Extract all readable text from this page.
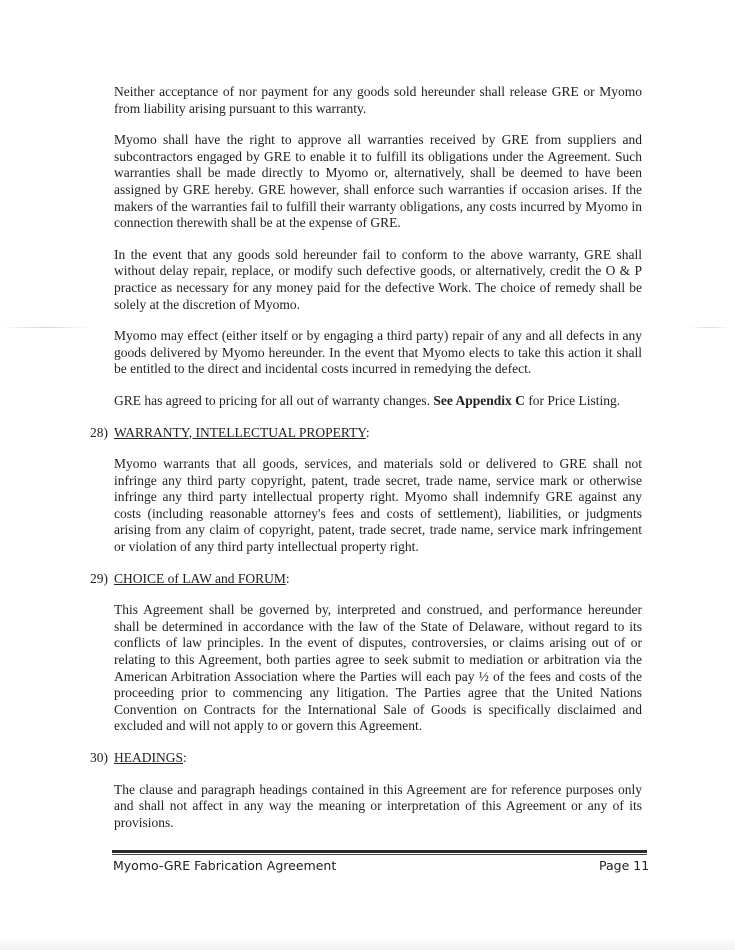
Neither acceptance of nor payment for any goods sold hereunder shall release GRE or Myomo from liability arising pursuant to this warranty.

Myomo shall have the right to approve all warranties received by GRE from suppliers and subcontractors engaged by GRE to enable it to fulfill its obligations under the Agreement. Such warranties shall be made directly to Myomo or, alternatively, shall be deemed to have been assigned by GRE hereby. GRE however, shall enforce such warranties if occasion arises. If the makers of the warranties fail to fulfill their warranty obligations, any costs incurred by Myomo in connection therewith shall be at the expense of GRE.

In the event that any goods sold hereunder fail to conform to the above warranty, GRE shall without delay repair, replace, or modify such defective goods, or alternatively, credit the O & P practice as necessary for any money paid for the defective Work. The choice of remedy shall be solely at the discretion of Myomo.

Myomo may effect (either itself or by engaging a third party) repair of any and all defects in any goods delivered by Myomo hereunder. In the event that Myomo elects to take this action it shall be entitled to the direct and incidental costs incurred in remedying the defect.

GRE has agreed to pricing for all out of warranty changes. See Appendix C for Price Listing.

28) WARRANTY, INTELLECTUAL PROPERTY:

Myomo warrants that all goods, services, and materials sold or delivered to GRE shall not infringe any third party copyright, patent, trade secret, trade name, service mark or otherwise infringe any third party intellectual property right. Myomo shall indemnify GRE against any costs (including reasonable attorney's fees and costs of settlement), liabilities, or judgments arising from any claim of copyright, patent, trade secret, trade name, service mark infringement or violation of any third party intellectual property right.

29) CHOICE of LAW and FORUM:

This Agreement shall be governed by, interpreted and construed, and performance hereunder shall be determined in accordance with the law of the State of Delaware, without regard to its conflicts of law principles. In the event of disputes, controversies, or claims arising out of or relating to this Agreement, both parties agree to seek submit to mediation or arbitration via the American Arbitration Association where the Parties will each pay ½ of the fees and costs of the proceeding prior to commencing any litigation. The Parties agree that the United Nations Convention on Contracts for the International Sale of Goods is specifically disclaimed and excluded and will not apply to or govern this Agreement.

30) HEADINGS:

The clause and paragraph headings contained in this Agreement are for reference purposes only and shall not affect in any way the meaning or interpretation of this Agreement or any of its provisions.

Myomo-GRE Fabrication Agreement	Page 11
